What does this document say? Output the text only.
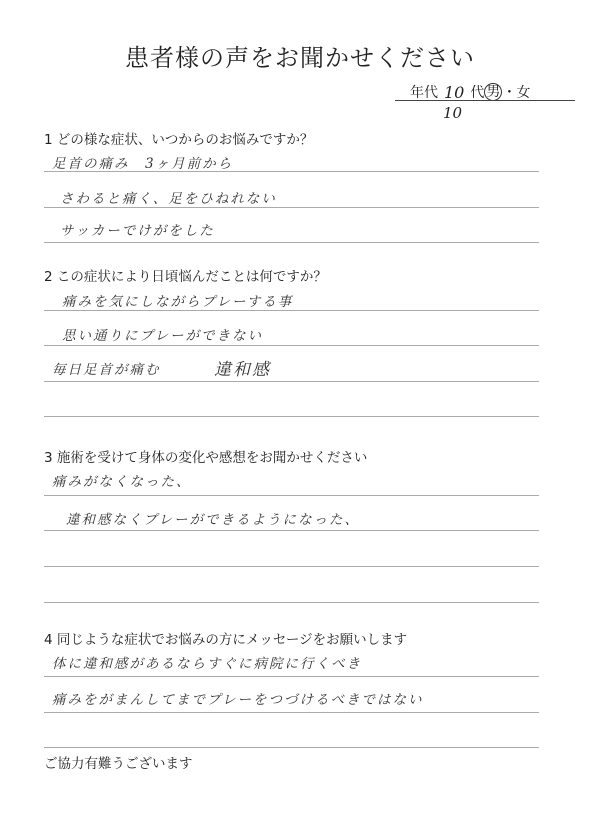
患者様の声をお聞かせください
年代 10 代 男 ・ 女
10
1 どの様な症状、いつからのお悩みですか？
足首の痛み　3ヶ月前から
さわると痛く、足をひねれない
サッカーでけがをした
2 この症状により日頃悩んだことは何ですか？
痛みを気にしながらプレーする事
思い通りにプレーができない
毎日足首が痛む	違和感
3 施術を受けて身体の変化や感想をお聞かせください
痛みがなくなった、
違和感なくプレーができるようになった、
4 同じような症状でお悩みの方にメッセージをお願いします
体に違和感があるならすぐに病院に行くべき
痛みをがまんしてまでプレーをつづけるべきではない
ご協力有難うございます
